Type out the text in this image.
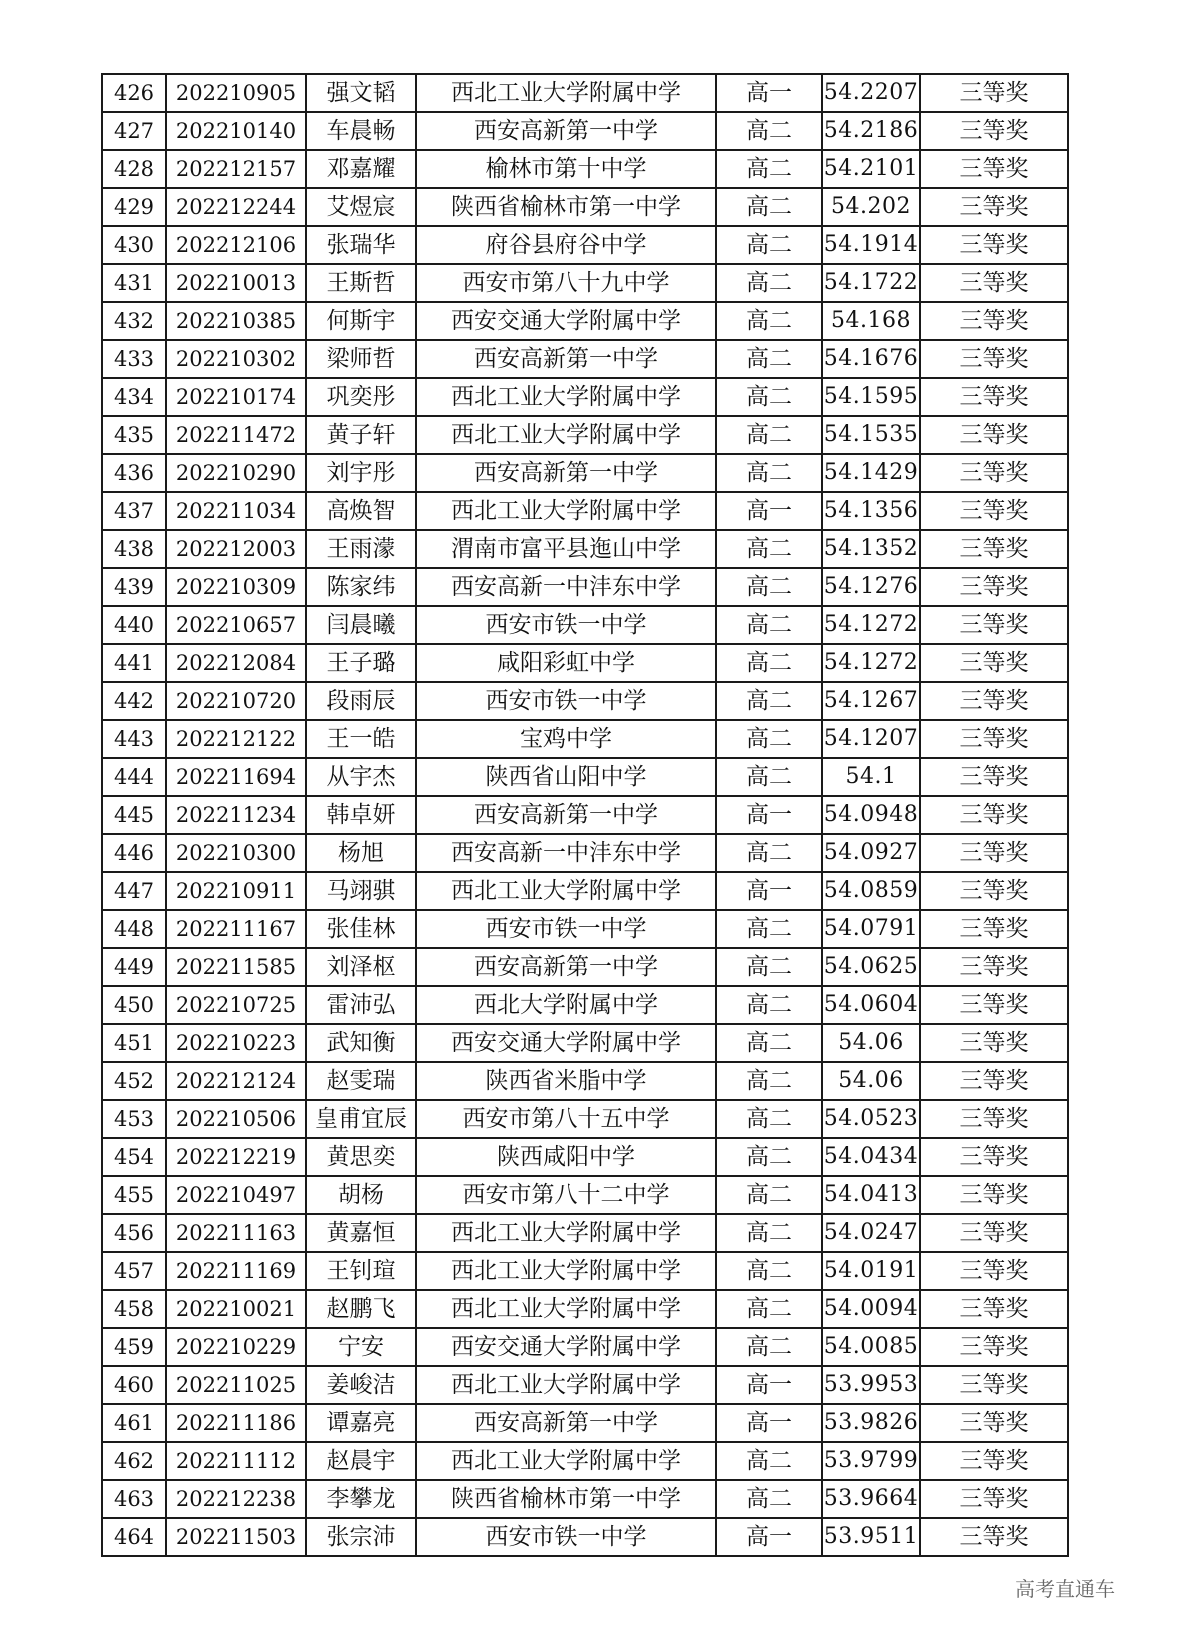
426	202210905	强文韬	西北工业大学附属中学	高一	54.2207	三等奖
427	202210140	车晨畅	西安高新第一中学	高二	54.2186	三等奖
428	202212157	邓嘉耀	榆林市第十中学	高二	54.2101	三等奖
429	202212244	艾煜宸	陕西省榆林市第一中学	高二	54.202	三等奖
430	202212106	张瑞华	府谷县府谷中学	高二	54.1914	三等奖
431	202210013	王斯哲	西安市第八十九中学	高二	54.1722	三等奖
432	202210385	何斯宇	西安交通大学附属中学	高二	54.168	三等奖
433	202210302	梁师哲	西安高新第一中学	高二	54.1676	三等奖
434	202210174	巩奕彤	西北工业大学附属中学	高二	54.1595	三等奖
435	202211472	黄子轩	西北工业大学附属中学	高二	54.1535	三等奖
436	202210290	刘宇彤	西安高新第一中学	高二	54.1429	三等奖
437	202211034	高焕智	西北工业大学附属中学	高一	54.1356	三等奖
438	202212003	王雨濛	渭南市富平县迤山中学	高二	54.1352	三等奖
439	202210309	陈家纬	西安高新一中沣东中学	高二	54.1276	三等奖
440	202210657	闫晨曦	西安市铁一中学	高二	54.1272	三等奖
441	202212084	王子璐	咸阳彩虹中学	高二	54.1272	三等奖
442	202210720	段雨辰	西安市铁一中学	高二	54.1267	三等奖
443	202212122	王一皓	宝鸡中学	高二	54.1207	三等奖
444	202211694	从宇杰	陕西省山阳中学	高二	54.1	三等奖
445	202211234	韩卓妍	西安高新第一中学	高一	54.0948	三等奖
446	202210300	杨旭	西安高新一中沣东中学	高二	54.0927	三等奖
447	202210911	马翊骐	西北工业大学附属中学	高一	54.0859	三等奖
448	202211167	张佳林	西安市铁一中学	高二	54.0791	三等奖
449	202211585	刘泽枢	西安高新第一中学	高二	54.0625	三等奖
450	202210725	雷沛弘	西北大学附属中学	高二	54.0604	三等奖
451	202210223	武知衡	西安交通大学附属中学	高二	54.06	三等奖
452	202212124	赵雯瑞	陕西省米脂中学	高二	54.06	三等奖
453	202210506	皇甫宜辰	西安市第八十五中学	高二	54.0523	三等奖
454	202212219	黄思奕	陕西咸阳中学	高二	54.0434	三等奖
455	202210497	胡杨	西安市第八十二中学	高二	54.0413	三等奖
456	202211163	黄嘉恒	西北工业大学附属中学	高二	54.0247	三等奖
457	202211169	王钊瑄	西北工业大学附属中学	高二	54.0191	三等奖
458	202210021	赵鹏飞	西北工业大学附属中学	高二	54.0094	三等奖
459	202210229	宁安	西安交通大学附属中学	高二	54.0085	三等奖
460	202211025	姜峻洁	西北工业大学附属中学	高一	53.9953	三等奖
461	202211186	谭嘉亮	西安高新第一中学	高一	53.9826	三等奖
462	202211112	赵晨宇	西北工业大学附属中学	高二	53.9799	三等奖
463	202212238	李攀龙	陕西省榆林市第一中学	高二	53.9664	三等奖
464	202211503	张宗沛	西安市铁一中学	高一	53.9511	三等奖
高考直通车
